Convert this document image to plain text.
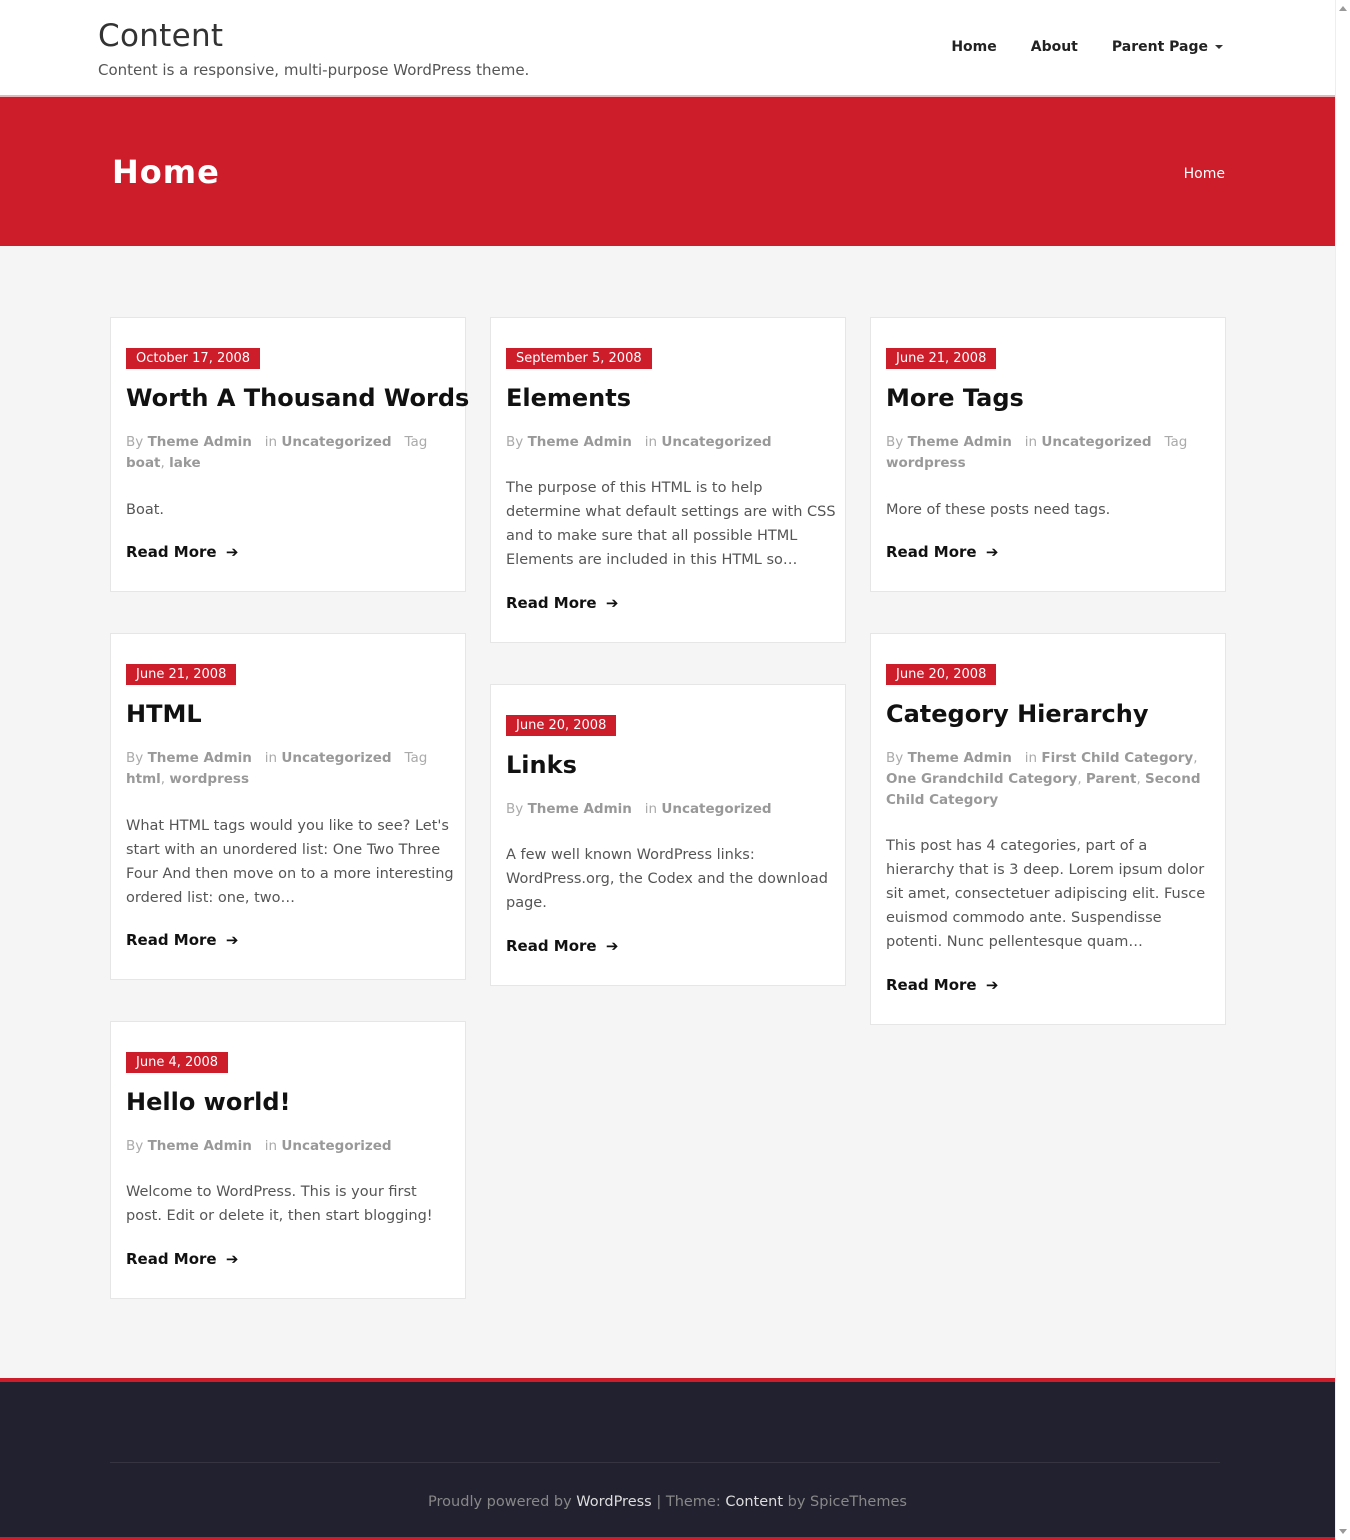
Content
Content is a responsive, multi-purpose WordPress theme.
Home About Parent Page
Home	Home
October 17, 2008
Worth A Thousand Words
By Theme Admin in Uncategorized Tag boat, lake

Boat.

Read More ➔
September 5, 2008
Elements
By Theme Admin in Uncategorized

The purpose of this HTML is to help determine what default settings are with CSS and to make sure that all possible HTML Elements are included in this HTML so…

Read More ➔
June 21, 2008
More Tags
By Theme Admin in Uncategorized Tag wordpress

More of these posts need tags.

Read More ➔
June 21, 2008
HTML
By Theme Admin in Uncategorized Tag html, wordpress

What HTML tags would you like to see? Let's start with an unordered list: One Two Three Four And then move on to a more interesting ordered list: one, two…

Read More ➔
June 20, 2008
Links
By Theme Admin in Uncategorized

A few well known WordPress links: WordPress.org, the Codex and the download page.

Read More ➔
June 20, 2008
Category Hierarchy
By Theme Admin in First Child Category, One Grandchild Category, Parent, Second Child Category

This post has 4 categories, part of a hierarchy that is 3 deep. Lorem ipsum dolor sit amet, consectetuer adipiscing elit. Fusce euismod commodo ante. Suspendisse potenti. Nunc pellentesque quam…

Read More ➔
June 4, 2008
Hello world!
By Theme Admin in Uncategorized

Welcome to WordPress. This is your first post. Edit or delete it, then start blogging!

Read More ➔
Proudly powered by WordPress | Theme: Content by SpiceThemes
